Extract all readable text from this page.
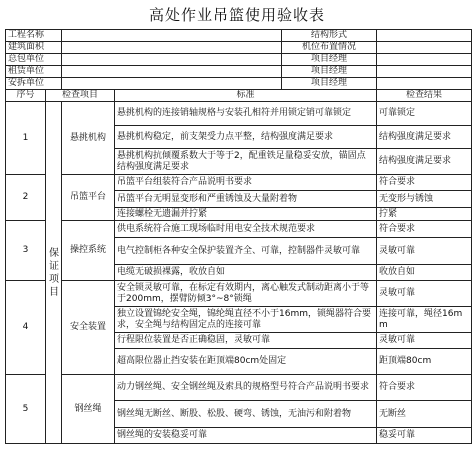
高处作业吊篮使用验收表
工程名称				结构形式	
建筑面积				机位布置情况	
总包单位				项目经理	
租赁单位				项目经理	
安拆单位				项目经理	
序号	检查项目		标准		检查结果
1	保证项目	悬挑机构	悬挑机构的连接销轴规格与安装孔相符并用锁定销可靠锁定		可靠锁定
			悬挑机构稳定，前支架受力点平整，结构强度满足要求		结构强度满足要求
			悬挑机构抗倾覆系数大于等于2，配重铁足量稳妥安放，锚固点结构强度满足要求		结构强度满足要求
2		吊篮平台	吊篮平台组装符合产品说明书要求		符合要求
			吊篮平台无明显变形和严重锈蚀及大量附着物		无变形与锈蚀
			连接螺栓无遗漏并拧紧		拧紧
3		操控系统	供电系统符合施工现场临时用电安全技术规范要求		符合要求
			电气控制柜各种安全保护装置齐全、可靠，控制器件灵敏可靠		灵敏可靠
			电缆无破损裸露，收放自如		收放自如
4		安全装置	安全锁灵敏可靠，在标定有效期内，离心触发式制动距离小于等于200mm，摆臂防倾3°~8°锁绳		灵敏可靠
			独立设置锦纶安全绳，锦纶绳直径不小于16mm，锁绳器符合要求，安全绳与结构固定点的连接可靠		连接可靠，绳径16mm
			行程限位装置是否正确稳固，灵敏可靠		灵敏可靠
			超高限位器止挡安装在距顶端80cm处固定		距顶端80cm
5		钢丝绳	动力钢丝绳、安全钢丝绳及索具的规格型号符合产品说明书要求		符合要求
			钢丝绳无断丝、断股、松股、硬弯、锈蚀，无油污和附着物		无断丝
			钢丝绳的安装稳妥可靠		稳妥可靠
